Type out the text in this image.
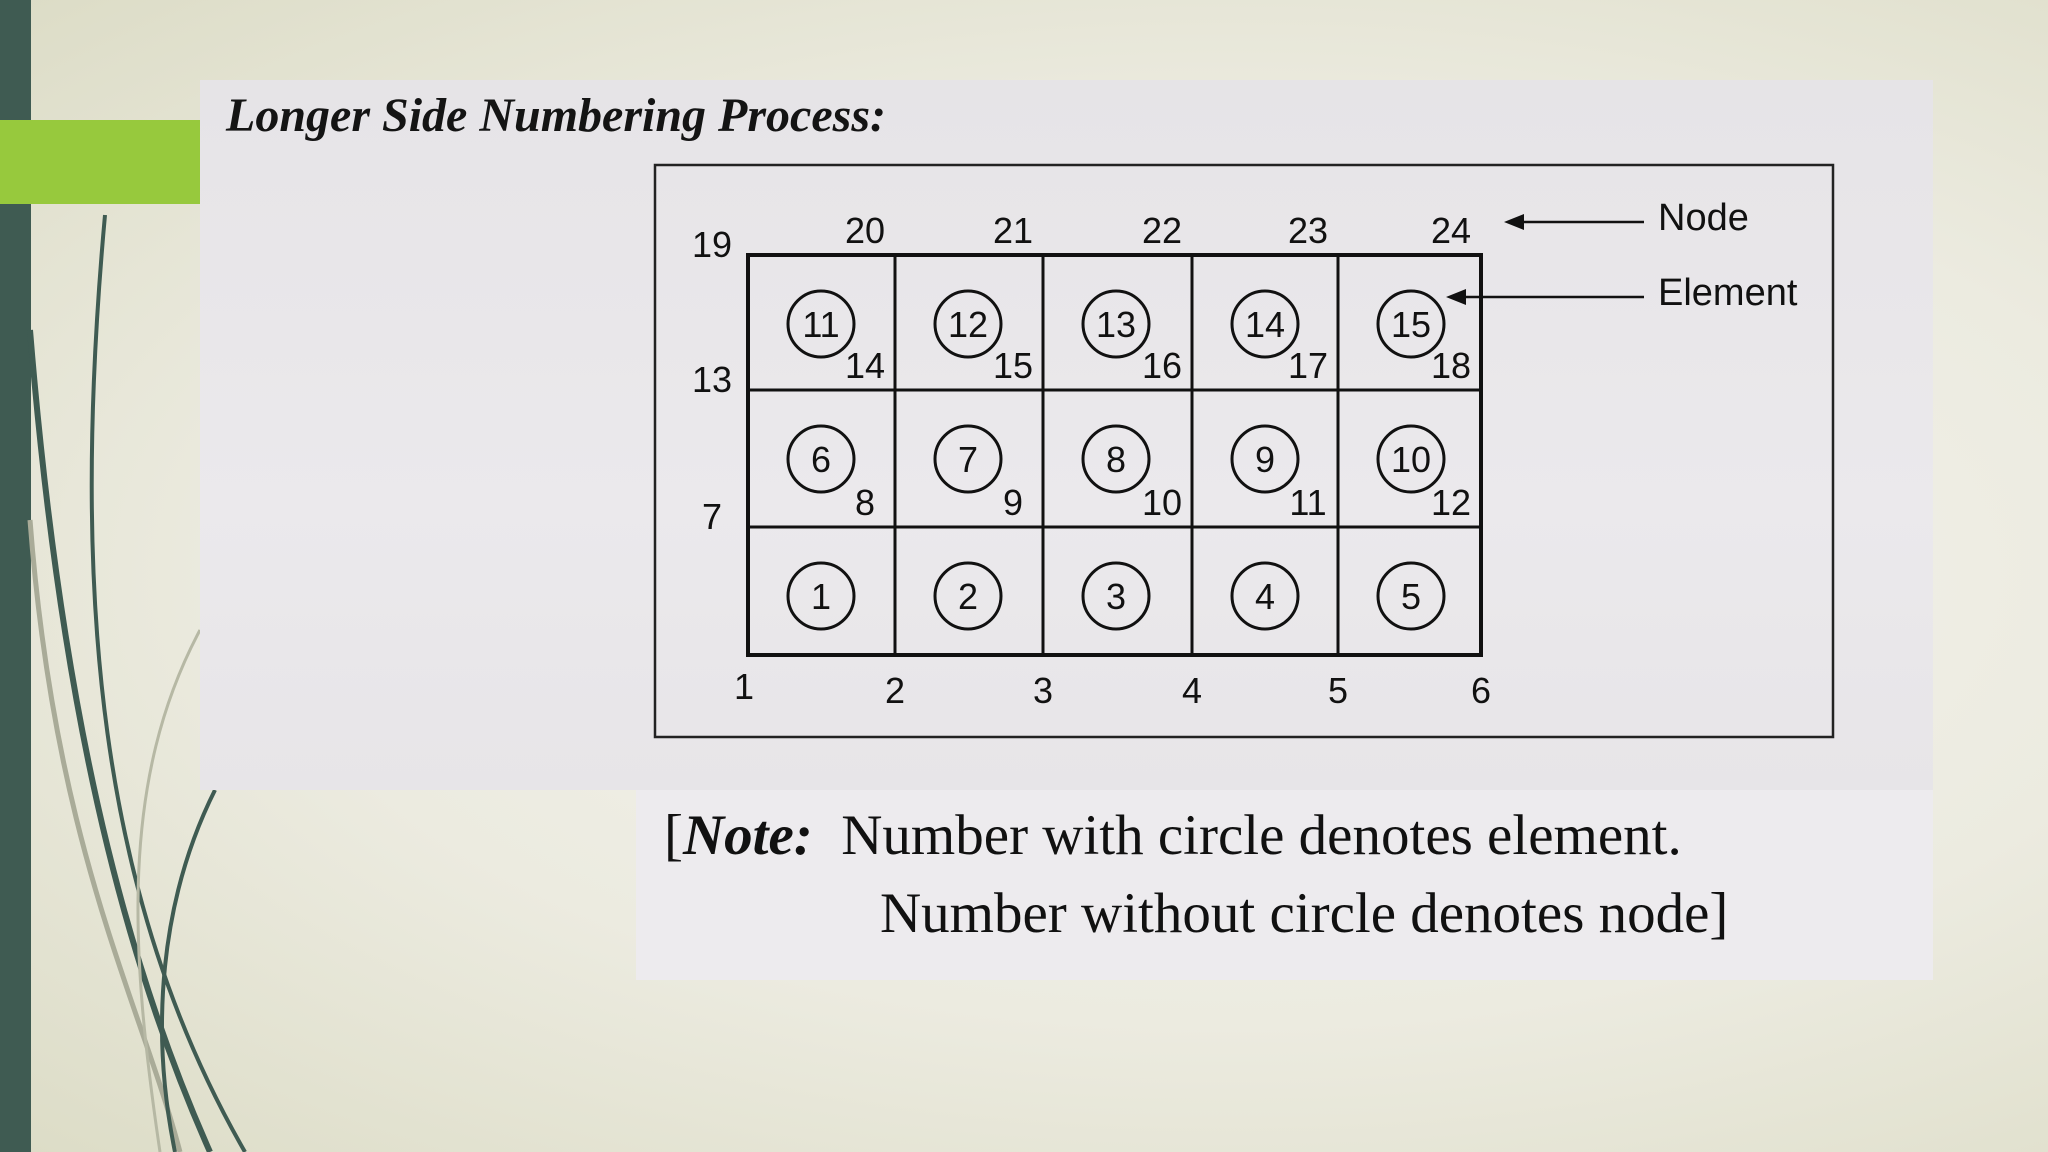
Longer Side Numbering Process:
1	2	3	4	5	6
7	8	9	10	11	12
13	14	15	16	17	18
19	20	21	22	23	24
1	2	3	4	5
6	7	8	9	10
11	12	13	14	15
Node
Element
[Note: Number with circle denotes element.
Number without circle denotes node]
